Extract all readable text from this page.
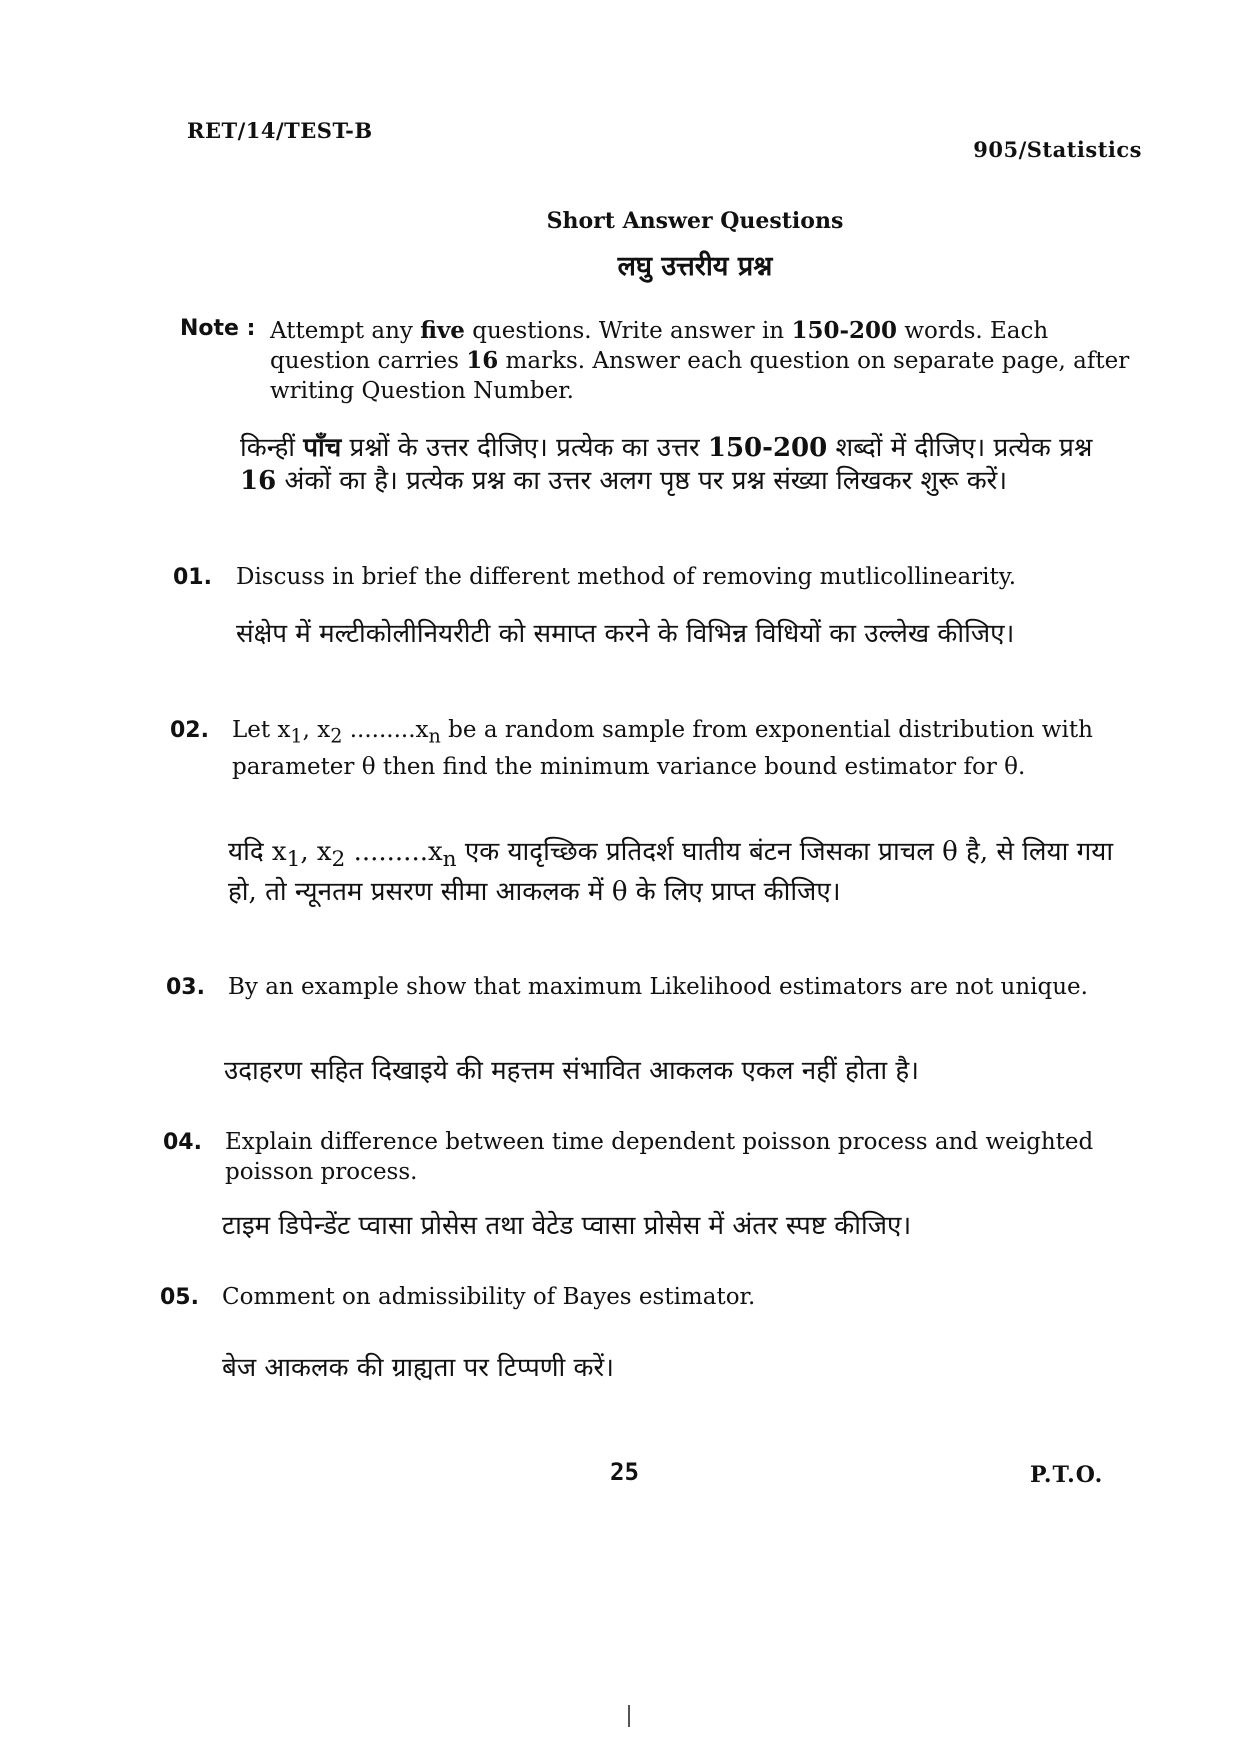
RET/14/TEST-B
905/Statistics
Short Answer Questions
लघु उत्तरीय प्रश्न
Note : Attempt any five questions. Write answer in 150-200 words. Each question carries 16 marks. Answer each question on separate page, after writing Question Number.
किन्हीं पाँच प्रश्नों के उत्तर दीजिए। प्रत्येक का उत्तर 150-200 शब्दों में दीजिए। प्रत्येक प्रश्न 16 अंकों का है। प्रत्येक प्रश्न का उत्तर अलग पृष्ठ पर प्रश्न संख्या लिखकर शुरू करें।
01. Discuss in brief the different method of removing mutlicollinearity.
संक्षेप में मल्टीकोलीनियरीटी को समाप्त करने के विभिन्न विधियों का उल्लेख कीजिए।
02. Let $x_1$, $x_2$ $.........x_n$ be a random sample from exponential distribution with parameter θ then find the minimum variance bound estimator for θ.
यदि $x_1$, $x_2$ $.........x_n$ एक यादृच्छिक प्रतिदर्श घातीय बंटन जिसका प्राचल θ है, से लिया गया हो, तो न्यूनतम प्रसरण सीमा आकलक में θ के लिए प्राप्त कीजिए।
03. By an example show that maximum Likelihood estimators are not unique.
उदाहरण सहित दिखाइये की महत्तम संभावित आकलक एकल नहीं होता है।
04. Explain difference between time dependent poisson process and weighted poisson process.
टाइम डिपेन्डेंट प्वासा प्रोसेस तथा वेटेड प्वासा प्रोसेस में अंतर स्पष्ट कीजिए।
05. Comment on admissibility of Bayes estimator.
बेज आकलक की ग्राह्यता पर टिप्पणी करें।
25	P.T.O.
